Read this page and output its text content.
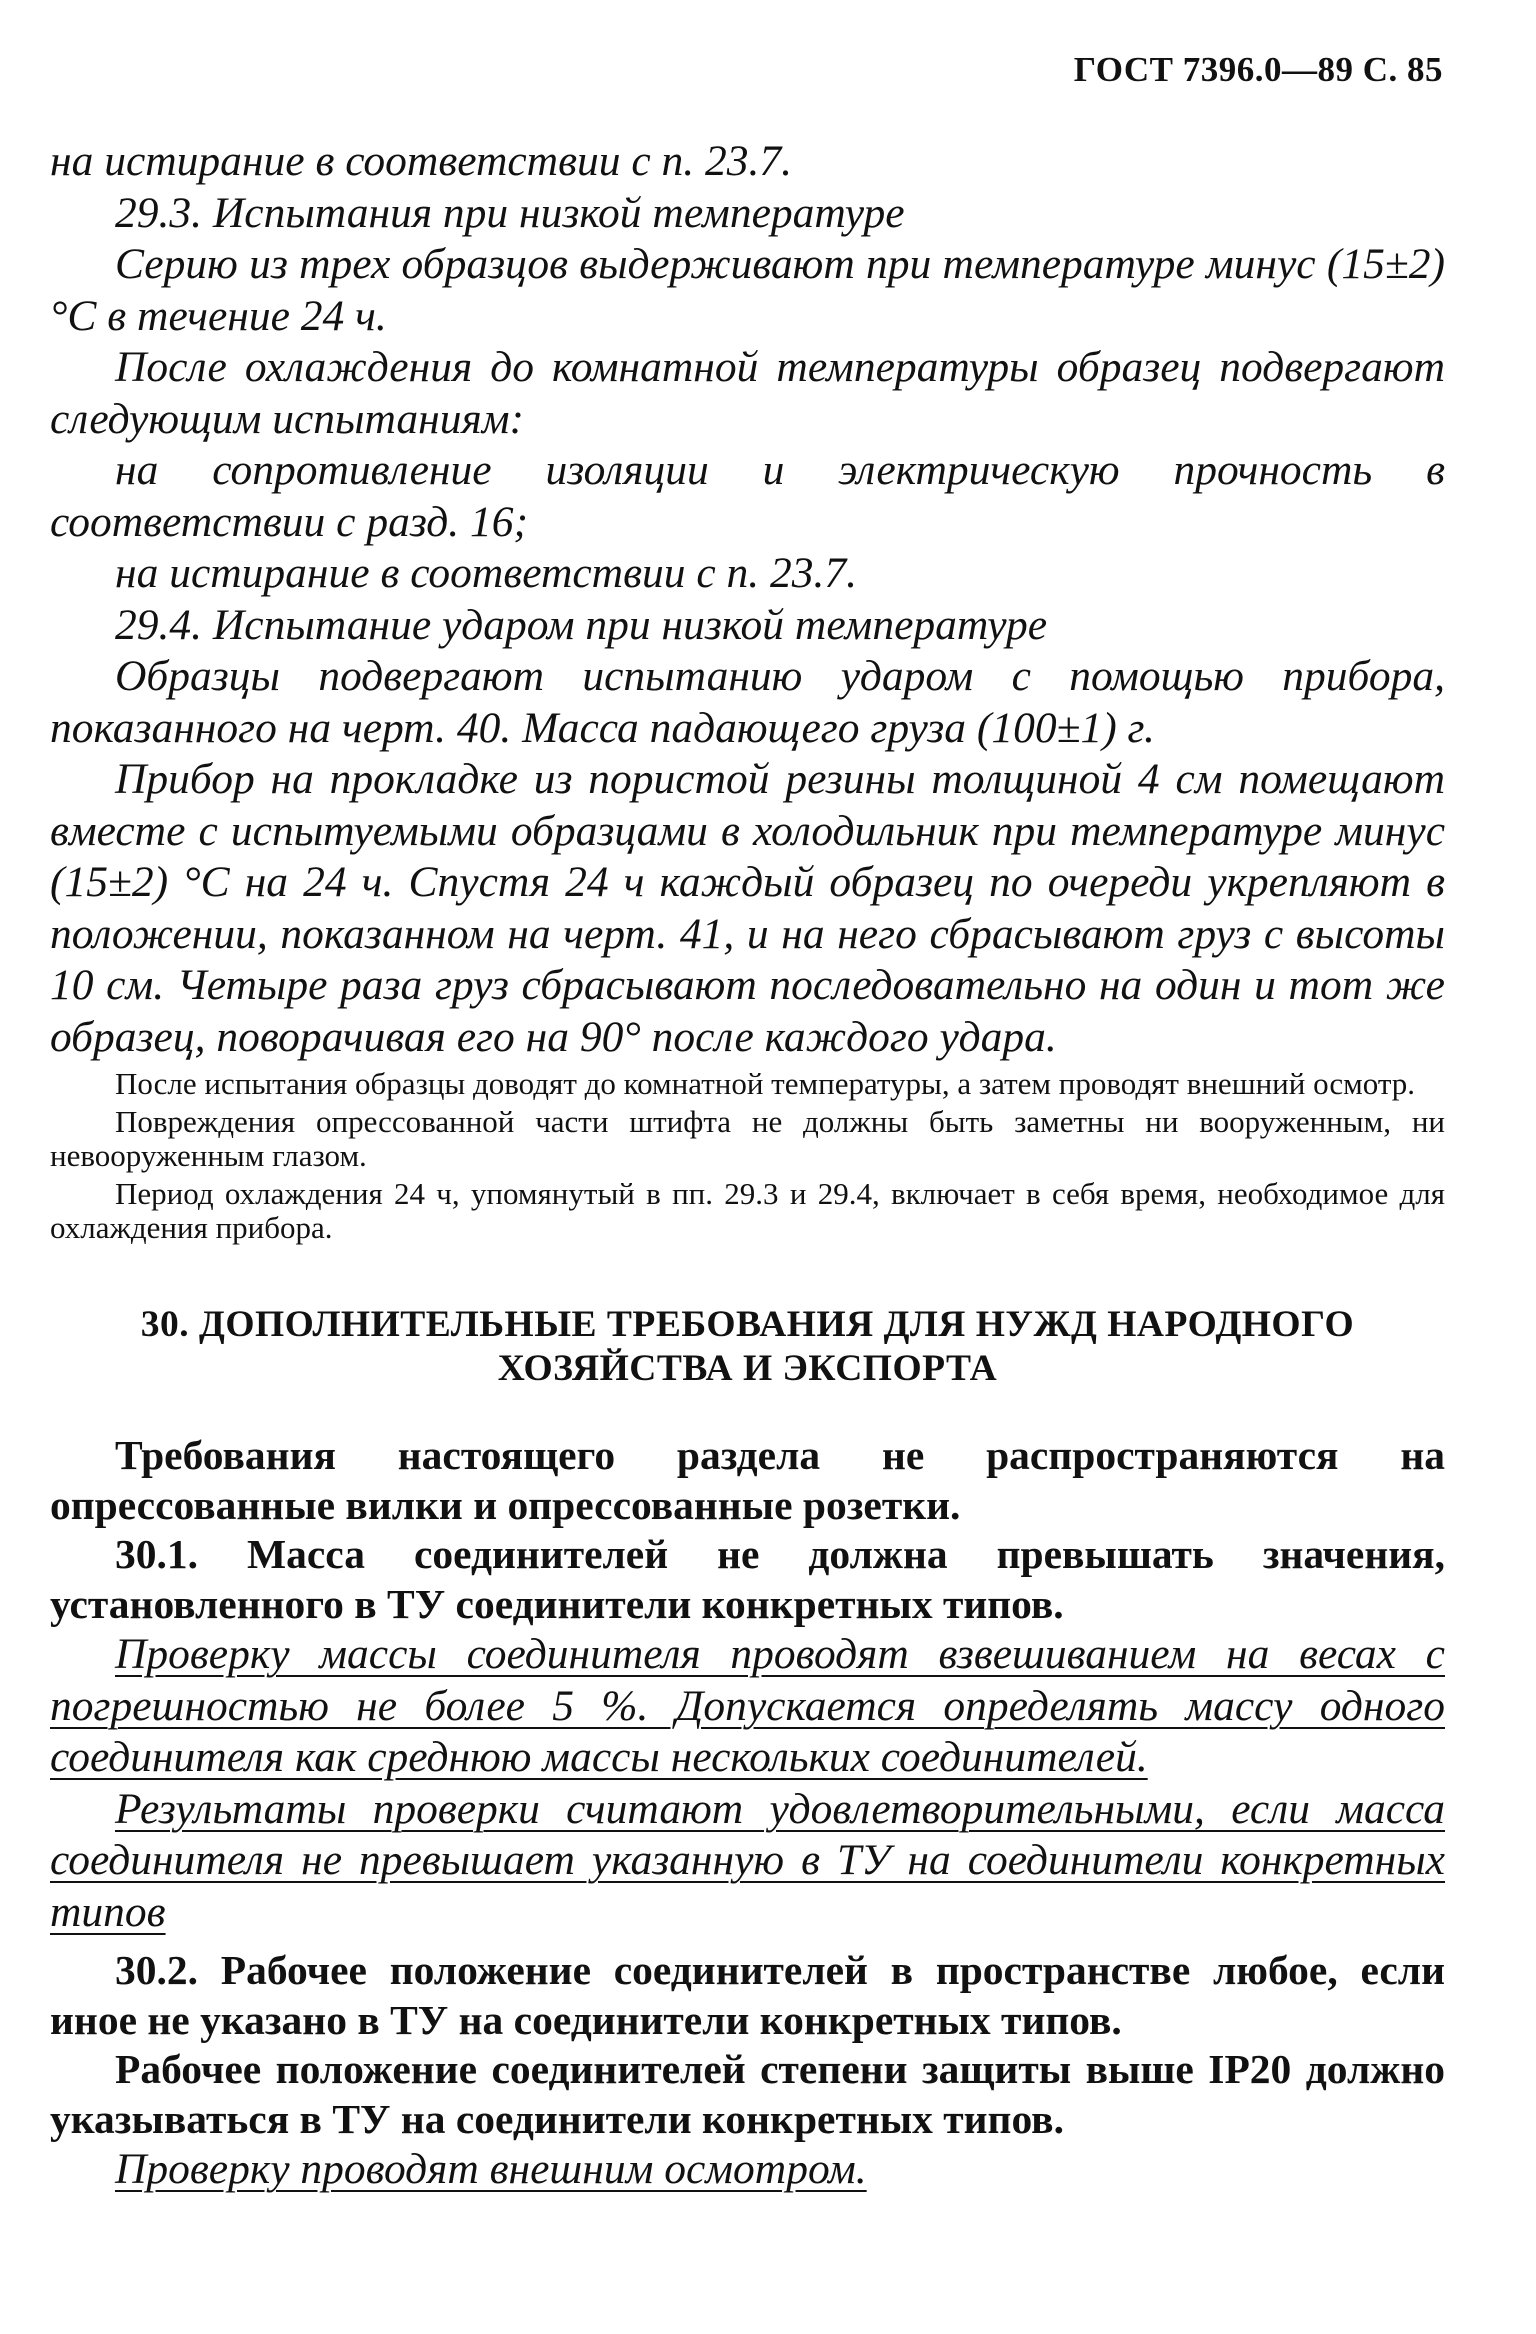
ГОСТ 7396.0—89 С. 85

на истирание в соответствии с п. 23.7.

29.3. Испытания при низкой температуре

Серию из трех образцов выдерживают при температуре минус (15±2) °С в течение 24 ч.

После охлаждения до комнатной температуры образец подвергают следующим испытаниям:

на сопротивление изоляции и электрическую прочность в соответствии с разд. 16;

на истирание в соответствии с п. 23.7.

29.4. Испытание ударом при низкой температуре

Образцы подвергают испытанию ударом с помощью прибора, показанного на черт. 40. Масса падающего груза (100±1) г.

Прибор на прокладке из пористой резины толщиной 4 см помещают вместе с испытуемыми образцами в холодильник при температуре минус (15±2) °С на 24 ч. Спустя 24 ч каждый образец по очереди укрепляют в положении, показанном на черт. 41, и на него сбрасывают груз с высоты 10 см. Четыре раза груз сбрасывают последовательно на один и тот же образец, поворачивая его на 90° после каждого удара.

После испытания образцы доводят до комнатной температуры, а затем проводят внешний осмотр.

Повреждения опрессованной части штифта не должны быть заметны ни вооруженным, ни невооруженным глазом.

Период охлаждения 24 ч, упомянутый в пп. 29.3 и 29.4, включает в себя время, необходимое для охлаждения прибора.

30. ДОПОЛНИТЕЛЬНЫЕ ТРЕБОВАНИЯ ДЛЯ НУЖД НАРОДНОГО
ХОЗЯЙСТВА И ЭКСПОРТА

Требования настоящего раздела не распространяются на опрессованные вилки и опрессованные розетки.

30.1. Масса соединителей не должна превышать значения, установленного в ТУ соединители конкретных типов.

Проверку массы соединителя проводят взвешиванием на весах с погрешностью не более 5 %. Допускается определять массу одного соединителя как среднюю массы нескольких соединителей.

Результаты проверки считают удовлетворительными, если масса соединителя не превышает указанную в ТУ на соединители конкретных типов

30.2. Рабочее положение соединителей в пространстве любое, если иное не указано в ТУ на соединители конкретных типов.

Рабочее положение соединителей степени защиты выше IP20 должно указываться в ТУ на соединители конкретных типов.

Проверку проводят внешним осмотром.
